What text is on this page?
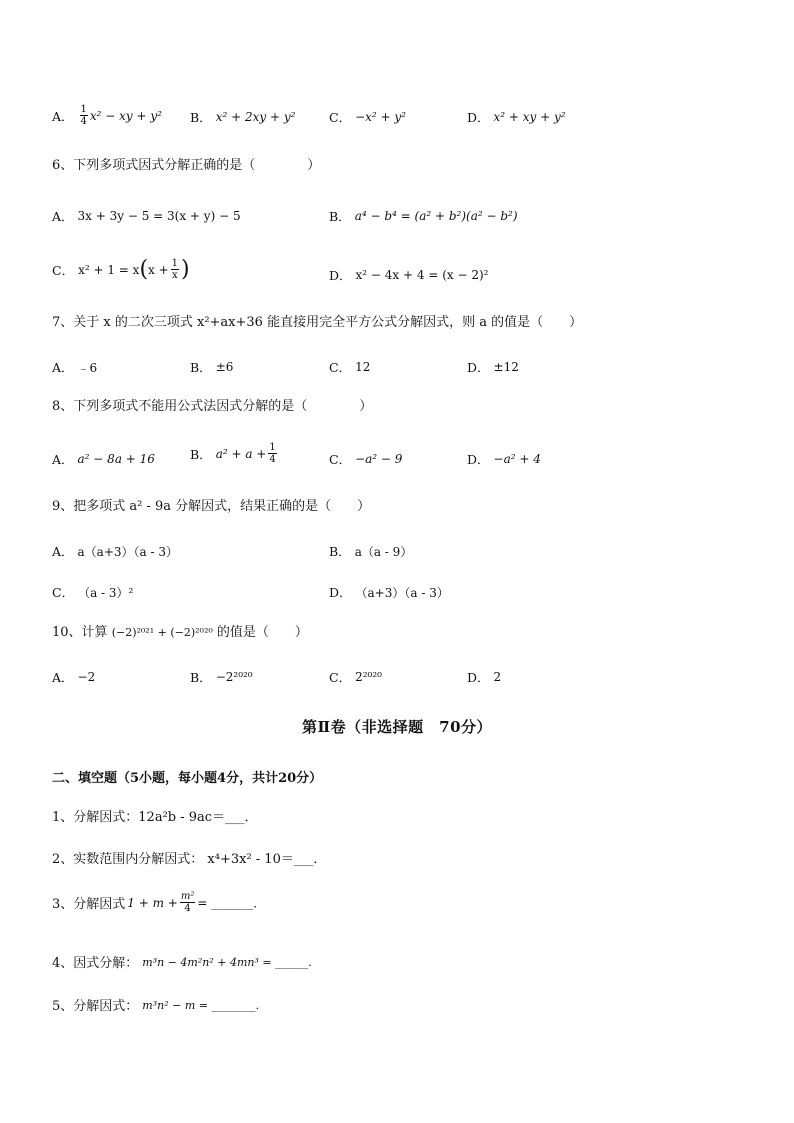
A． $\frac{1}{4} x^2$ − xy + y² B． x² + 2xy + y²	C． −x² + y²	D． x² + xy + y²
6、下列多项式因式分解正确的是（　　　　）
A． 3x + 3y − 5 = 3(x + y) − 5	B． a⁴ − b⁴ = (a² + b²)(a² − b²)
C． x² + 1 = x ( $x + \frac{1}{x}$ )	D． x² − 4x + 4 = (x − 2)²
7、关于 x 的二次三项式 x²+ax+36 能直接用完全平方公式分解因式，则 a 的值是（　　）
A． ﹣6	B． ±6	C． 12	D． ±12
8、下列多项式不能用公式法因式分解的是（　　　　）
A． a² − 8a + 16	B． $a^2 + a + \frac{1}{4}$	C． −a² − 9	D． −a² + 4
9、把多项式 a² - 9a 分解因式，结果正确的是（　　）
A． a（a+3）（a - 3）	B． a（a - 9）
C． （a - 3）²	D． （a+3）（a - 3）
10、计算 (−2)²⁰²¹ + (−2)²⁰²⁰ 的值是（　　）
A． −2	B． −2²⁰²⁰	C． 2²⁰²⁰	D． 2
第Ⅱ卷（非选择题　70分）
二、填空题（5小题，每小题4分，共计20分）
1、分解因式：12a²b - 9ac＝___．
2、实数范围内分解因式： x⁴+3x² - 10＝___．
3、分解因式 $1 + m + \frac{\text{m²}}{4}$ = _______．
4、因式分解： m³n − 4m²n² + 4mn³ = ______．
5、分解因式： m³n² − m = ________．
